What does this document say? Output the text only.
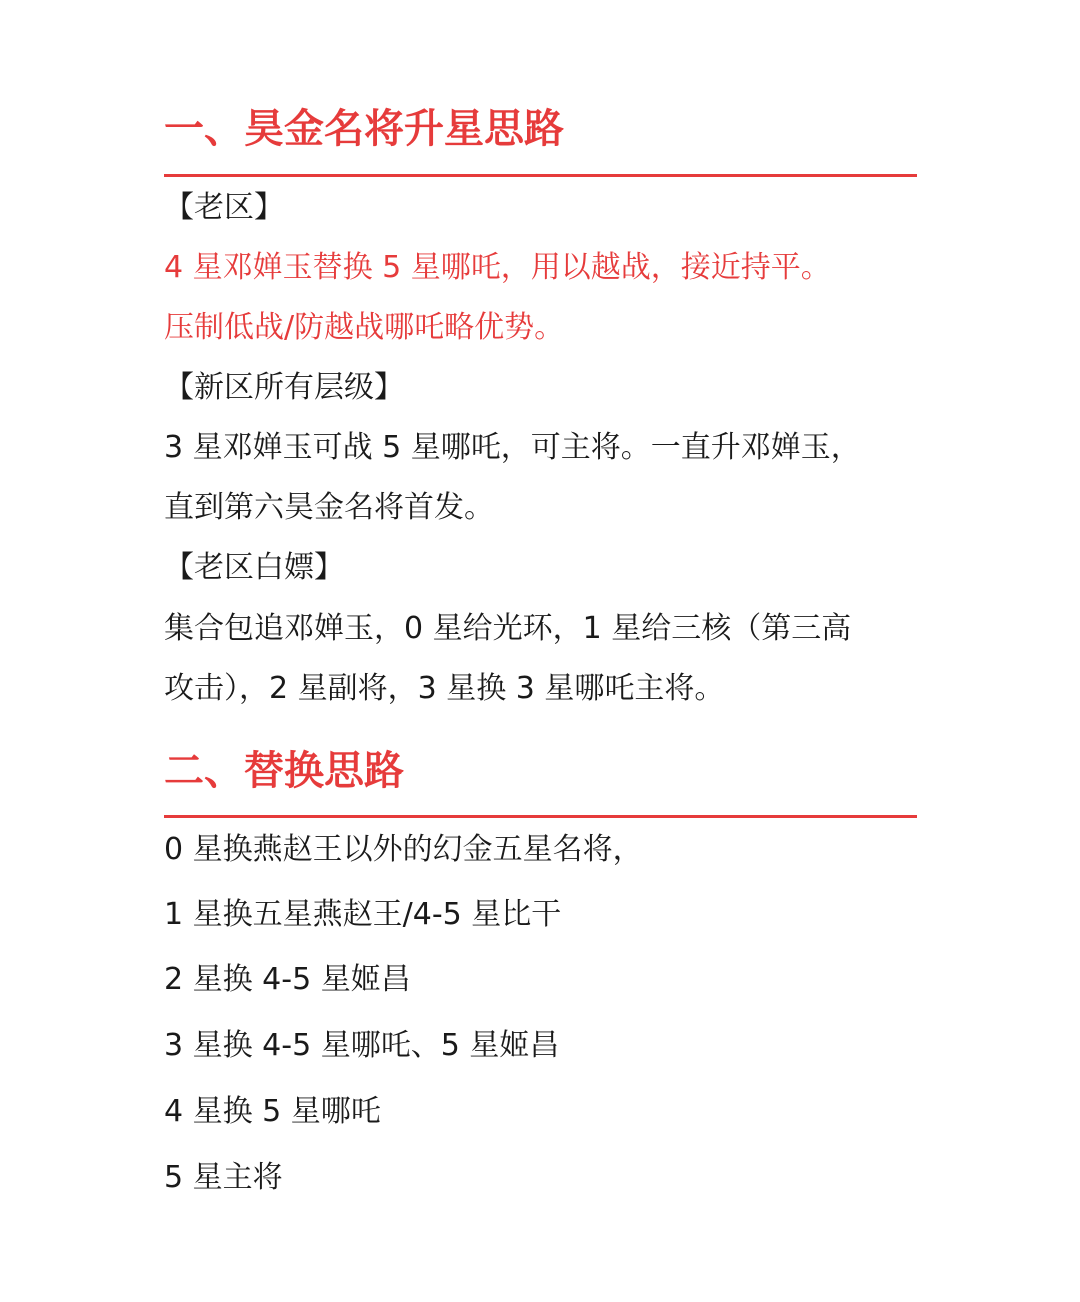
一、昊金名将升星思路

【老区】

4 星邓婵玉替换 5 星哪吒，用以越战，接近持平。

压制低战/防越战哪吒略优势。

【新区所有层级】

3 星邓婵玉可战 5 星哪吒，可主将。一直升邓婵玉，

直到第六昊金名将首发。

【老区白嫖】

集合包追邓婵玉，0 星给光环，1 星给三核（第三高

攻击），2 星副将，3 星换 3 星哪吒主将。

二、替换思路

0 星换燕赵王以外的幻金五星名将，

1 星换五星燕赵王/4-5 星比干

2 星换 4-5 星姬昌

3 星换 4-5 星哪吒、5 星姬昌

4 星换 5 星哪吒

5 星主将
